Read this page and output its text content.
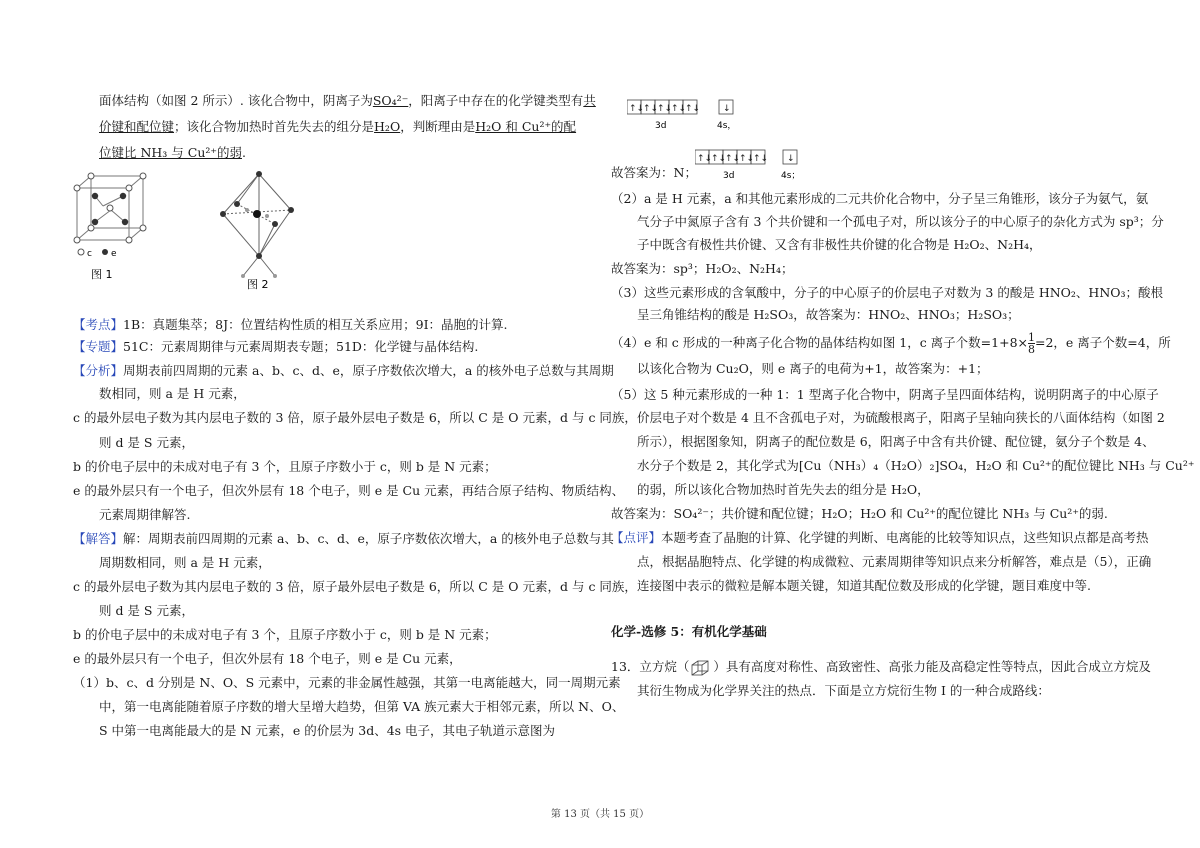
面体结构（如图 2 所示）. 该化合物中，阴离子为SO₄²⁻，阳离子中存在的化学键类型有共
价键和配位键；该化合物加热时首先失去的组分是H₂O，判断理由是H₂O 和 Cu²⁺的配
位键比 NH₃ 与 Cu²⁺的弱.
c e
图 1
图 2
【考点】1B：真题集萃；8J：位置结构性质的相互关系应用；9I：晶胞的计算.
【专题】51C：元素周期律与元素周期表专题；51D：化学键与晶体结构.
【分析】周期表前四周期的元素 a、b、c、d、e，原子序数依次增大，a 的核外电子总数与其周期
数相同，则 a 是 H 元素，
c 的最外层电子数为其内层电子数的 3 倍，原子最外层电子数是 6，所以 C 是 O 元素，d 与 c 同族，
则 d 是 S 元素，
b 的价电子层中的未成对电子有 3 个，且原子序数小于 c，则 b 是 N 元素；
e 的最外层只有一个电子，但次外层有 18 个电子，则 e 是 Cu 元素，再结合原子结构、物质结构、
元素周期律解答.
【解答】解：周期表前四周期的元素 a、b、c、d、e，原子序数依次增大，a 的核外电子总数与其
周期数相同，则 a 是 H 元素，
c 的最外层电子数为其内层电子数的 3 倍，原子最外层电子数是 6，所以 C 是 O 元素，d 与 c 同族，
则 d 是 S 元素，
b 的价电子层中的未成对电子有 3 个，且原子序数小于 c，则 b 是 N 元素；
e 的最外层只有一个电子，但次外层有 18 个电子，则 e 是 Cu 元素，
（1）b、c、d 分别是 N、O、S 元素中，元素的非金属性越强，其第一电离能越大，同一周期元素
中，第一电离能随着原子序数的增大呈增大趋势，但第 VA 族元素大于相邻元素，所以 N、O、
S 中第一电离能最大的是 N 元素，e 的价层为 3d、4s 电子，其电子轨道示意图为
↑↓
↑↓
↑↓
↑↓
↑↓	↓
3d	4s，
故答案为：N；
↑↓
↑↓
↑↓
↑↓
↑↓ ↓
3d	4s；
（2）a 是 H 元素，a 和其他元素形成的二元共价化合物中，分子呈三角锥形，该分子为氨气，氨
气分子中氮原子含有 3 个共价键和一个孤电子对，所以该分子的中心原子的杂化方式为 sp³；分
子中既含有极性共价键、又含有非极性共价键的化合物是 H₂O₂、N₂H₄，
故答案为：sp³；H₂O₂、N₂H₄；
（3）这些元素形成的含氧酸中，分子的中心原子的价层电子对数为 3 的酸是 HNO₂、HNO₃；酸根
呈三角锥结构的酸是 H₂SO₃，故答案为：HNO₂、HNO₃；H₂SO₃；
（4）e 和 c 形成的一种离子化合物的晶体结构如图 1，c 离子个数$=1+8\times \frac{1}{8} =2$，e 离子个数=4，所
以该化合物为 Cu₂O，则 e 离子的电荷为+1，故答案为：+1；
（5）这 5 种元素形成的一种 1：1 型离子化合物中，阴离子呈四面体结构，说明阴离子的中心原子
价层电子对个数是 4 且不含孤电子对，为硫酸根离子，阳离子呈轴向狭长的八面体结构（如图 2
所示），根据图象知，阴离子的配位数是 6，阳离子中含有共价键、配位键，氨分子个数是 4、
水分子个数是 2，其化学式为[Cu（NH₃）₄（H₂O）₂]SO₄，H₂O 和 Cu²⁺的配位键比 NH₃ 与 Cu²⁺
的弱，所以该化合物加热时首先失去的组分是 H₂O，
故答案为：SO₄²⁻；共价键和配位键；H₂O；H₂O 和 Cu²⁺的配位键比 NH₃ 与 Cu²⁺的弱.
【点评】本题考查了晶胞的计算、化学键的判断、电离能的比较等知识点，这些知识点都是高考热
点，根据晶胞特点、化学键的构成微粒、元素周期律等知识点来分析解答，难点是（5），正确
连接图中表示的微粒是解本题关键，知道其配位数及形成的化学键，题目难度中等.
化学-选修 5：有机化学基础
13．立方烷（ ）具有高度对称性、高致密性、高张力能及高稳定性等特点，因此合成立方烷及
其衍生物成为化学界关注的热点．下面是立方烷衍生物 I 的一种合成路线：
第 13 页（共 15 页）
